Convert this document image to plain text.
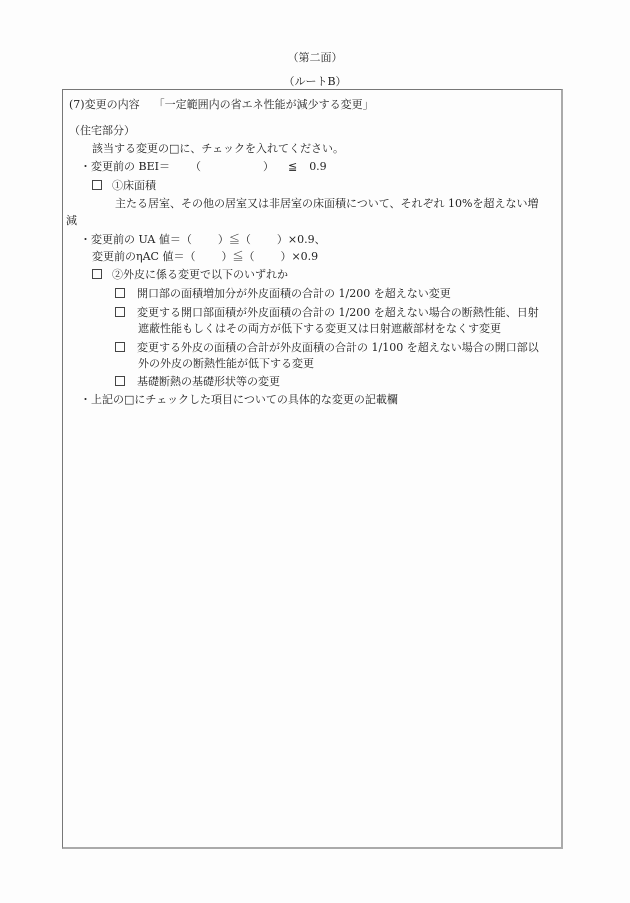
（第二面）
（ルートB）
(7)変更の内容 「一定範囲内の省エネ性能が減少する変更」
（住宅部分）
該当する変更の□に、チェックを入れてください。
・変更前の BEI＝ （	） ≦ 0.9
①床面積
主たる居室、その他の居室又は非居室の床面積について、それぞれ 10%を超えない増
減
・変更前の UA 値＝（ ）≦（ ）×0.9、
変更前のηAC 値＝（ ）≦（ ）×0.9
②外皮に係る変更で以下のいずれか
開口部の面積増加分が外皮面積の合計の 1/200 を超えない変更
変更する開口部面積が外皮面積の合計の 1/200 を超えない場合の断熱性能、日射
遮蔽性能もしくはその両方が低下する変更又は日射遮蔽部材をなくす変更
変更する外皮の面積の合計が外皮面積の合計の 1/100 を超えない場合の開口部以
外の外皮の断熱性能が低下する変更
基礎断熱の基礎形状等の変更
・上記の□にチェックした項目についての具体的な変更の記載欄
